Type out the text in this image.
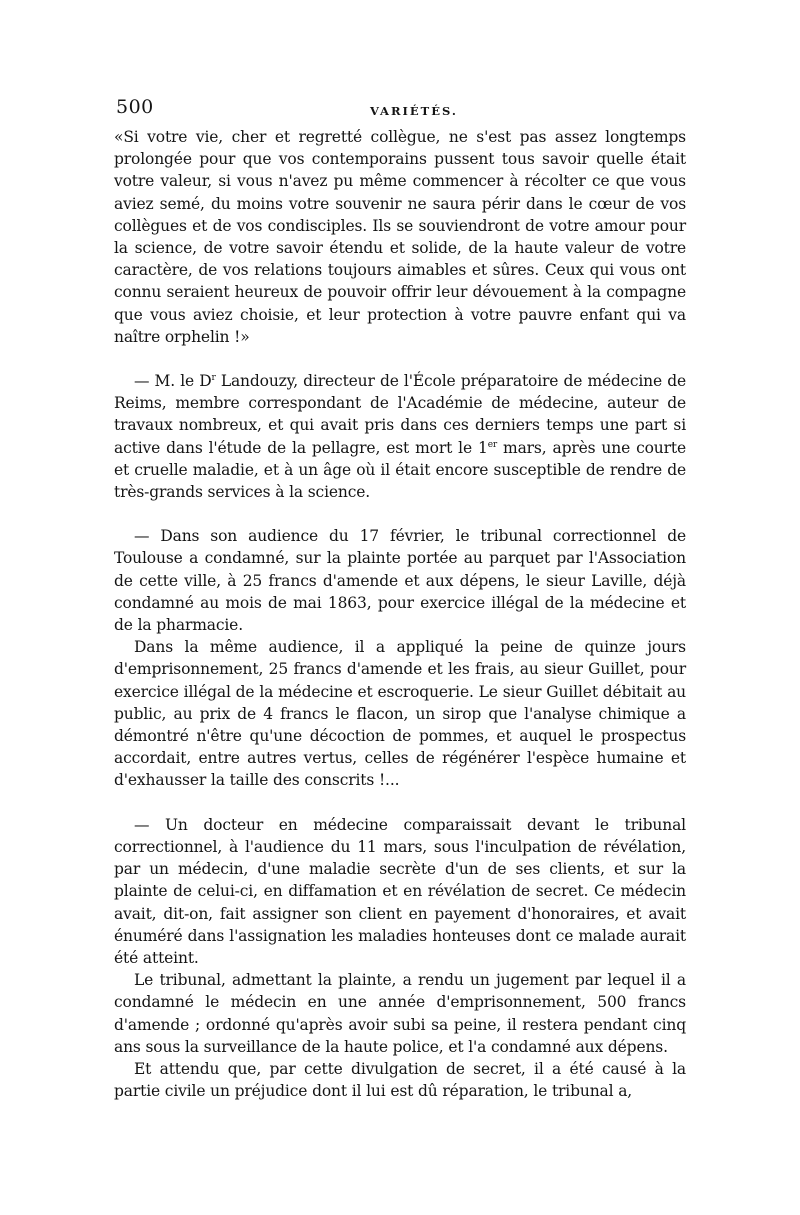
500	VARIÉTÉS.

«Si votre vie, cher et regretté collègue, ne s'est pas assez longtemps prolongée pour que vos contemporains pussent tous savoir quelle était votre valeur, si vous n'avez pu même commencer à récolter ce que vous aviez semé, du moins votre souvenir ne saura périr dans le cœur de vos collègues et de vos condisciples. Ils se souviendront de votre amour pour la science, de votre savoir étendu et solide, de la haute valeur de votre caractère, de vos relations toujours aimables et sûres. Ceux qui vous ont connu seraient heureux de pouvoir offrir leur dévouement à la compagne que vous aviez choisie, et leur protection à votre pauvre enfant qui va naître orphelin !»

— M. le $D^r$ Landouzy, directeur de l'École préparatoire de médecine de Reims, membre correspondant de l'Académie de médecine, auteur de travaux nombreux, et qui avait pris dans ces derniers temps une part si active dans l'étude de la pellagre, est mort le 1er mars, après une courte et cruelle maladie, et à un âge où il était encore susceptible de rendre de très-grands services à la science.

— Dans son audience du 17 février, le tribunal correctionnel de Toulouse a condamné, sur la plainte portée au parquet par l'Association de cette ville, à 25 francs d'amende et aux dépens, le sieur Laville, déjà condamné au mois de mai 1863, pour exercice illégal de la médecine et de la pharmacie.

Dans la même audience, il a appliqué la peine de quinze jours d'emprisonnement, 25 francs d'amende et les frais, au sieur Guillet, pour exercice illégal de la médecine et escroquerie. Le sieur Guillet débitait au public, au prix de 4 francs le flacon, un sirop que l'analyse chimique a démontré n'être qu'une décoction de pommes, et auquel le prospectus accordait, entre autres vertus, celles de régénérer l'espèce humaine et d'exhausser la taille des conscrits !...

— Un docteur en médecine comparaissait devant le tribunal correctionnel, à l'audience du 11 mars, sous l'inculpation de révélation, par un médecin, d'une maladie secrète d'un de ses clients, et sur la plainte de celui-ci, en diffamation et en révélation de secret. Ce médecin avait, dit-on, fait assigner son client en payement d'honoraires, et avait énuméré dans l'assignation les maladies honteuses dont ce malade aurait été atteint.

Le tribunal, admettant la plainte, a rendu un jugement par lequel il a condamné le médecin en une année d'emprisonnement, 500 francs d'amende ; ordonné qu'après avoir subi sa peine, il restera pendant cinq ans sous la surveillance de la haute police, et l'a condamné aux dépens.

Et attendu que, par cette divulgation de secret, il a été causé à la partie civile un préjudice dont il lui est dû réparation, le tribunal a,
